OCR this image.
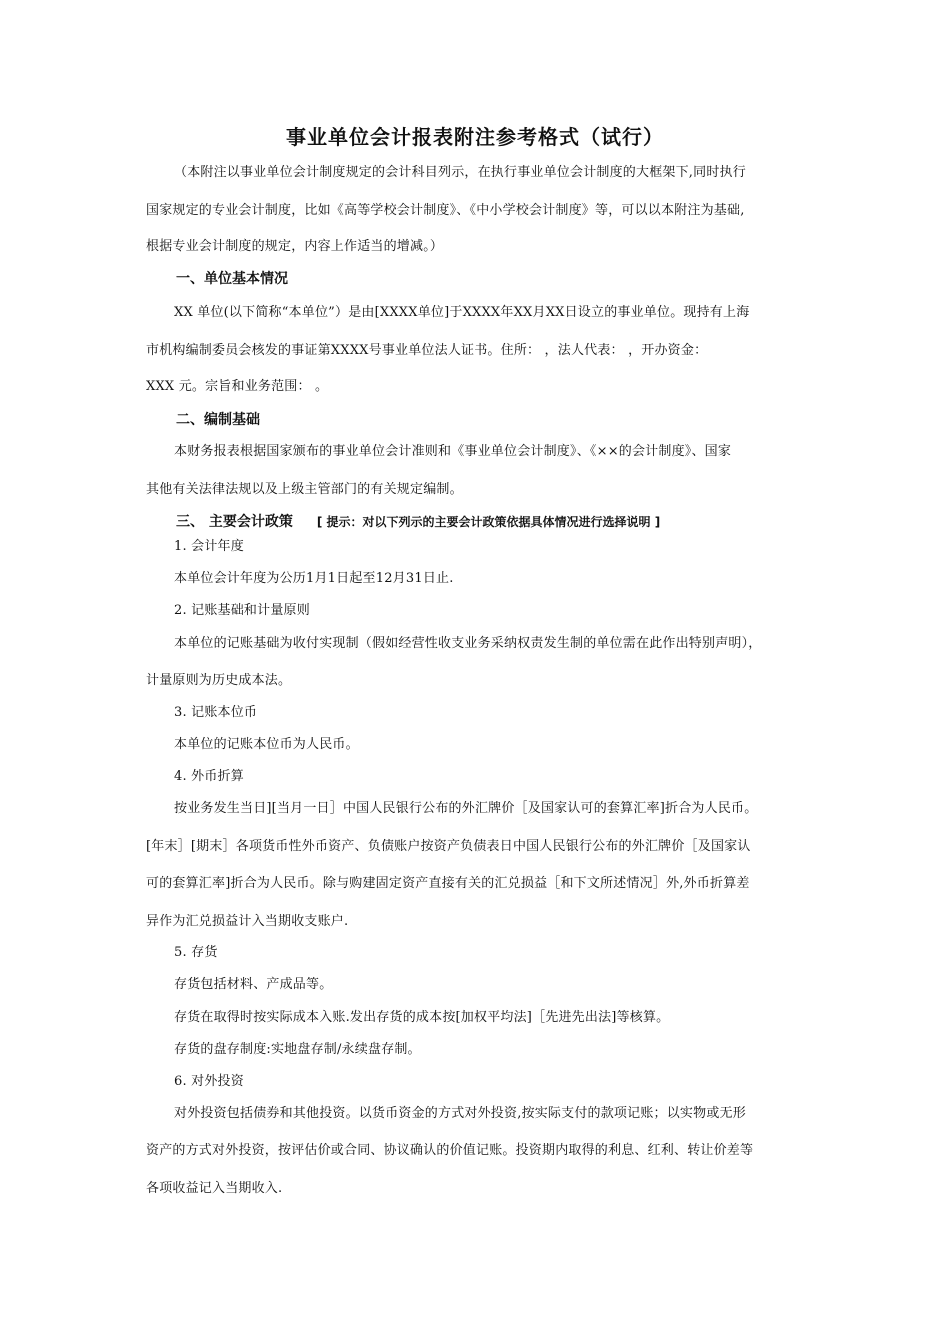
事业单位会计报表附注参考格式（试行）
（本附注以事业单位会计制度规定的会计科目列示，在执行事业单位会计制度的大框架下,同时执行
国家规定的专业会计制度，比如《高等学校会计制度》、《中小学校会计制度》等，可以以本附注为基础,
根据专业会计制度的规定，内容上作适当的增减。）
一、单位基本情况
XX 单位(以下简称“本单位”）是由[XXXX单位]于XXXX年XX月XX日设立的事业单位。现持有上海
市机构编制委员会核发的事证第XXXX号事业单位法人证书。住所： ，法人代表： ，开办资金：
XXX 元。宗旨和业务范围： 。
二、编制基础
本财务报表根据国家颁布的事业单位会计准则和《事业单位会计制度》、《××的会计制度》、国家
其他有关法律法规以及上级主管部门的有关规定编制。
三、 主要会计政策 [ 提示：对以下列示的主要会计政策依据具体情况进行选择说明 ]
1. 会计年度
本单位会计年度为公历1月1日起至12月31日止.
2. 记账基础和计量原则
本单位的记账基础为收付实现制（假如经营性收支业务采纳权责发生制的单位需在此作出特别声明），
计量原则为历史成本法。
3. 记账本位币
本单位的记账本位币为人民币。
4. 外币折算
按业务发生当日][当月一日］中国人民银行公布的外汇牌价［及国家认可的套算汇率]折合为人民币。
[年末］[期末］各项货币性外币资产、负债账户按资产负债表日中国人民银行公布的外汇牌价［及国家认
可的套算汇率]折合为人民币。除与购建固定资产直接有关的汇兑损益［和下文所述情况］外,外币折算差
异作为汇兑损益计入当期收支账户.
5. 存货
存货包括材料、产成品等。
存货在取得时按实际成本入账.发出存货的成本按[加权平均法]［先进先出法]等核算。
存货的盘存制度:实地盘存制/永续盘存制。
6. 对外投资
对外投资包括债券和其他投资。以货币资金的方式对外投资,按实际支付的款项记账；以实物或无形
资产的方式对外投资，按评估价或合同、协议确认的价值记账。投资期内取得的利息、红利、转让价差等
各项收益记入当期收入.
